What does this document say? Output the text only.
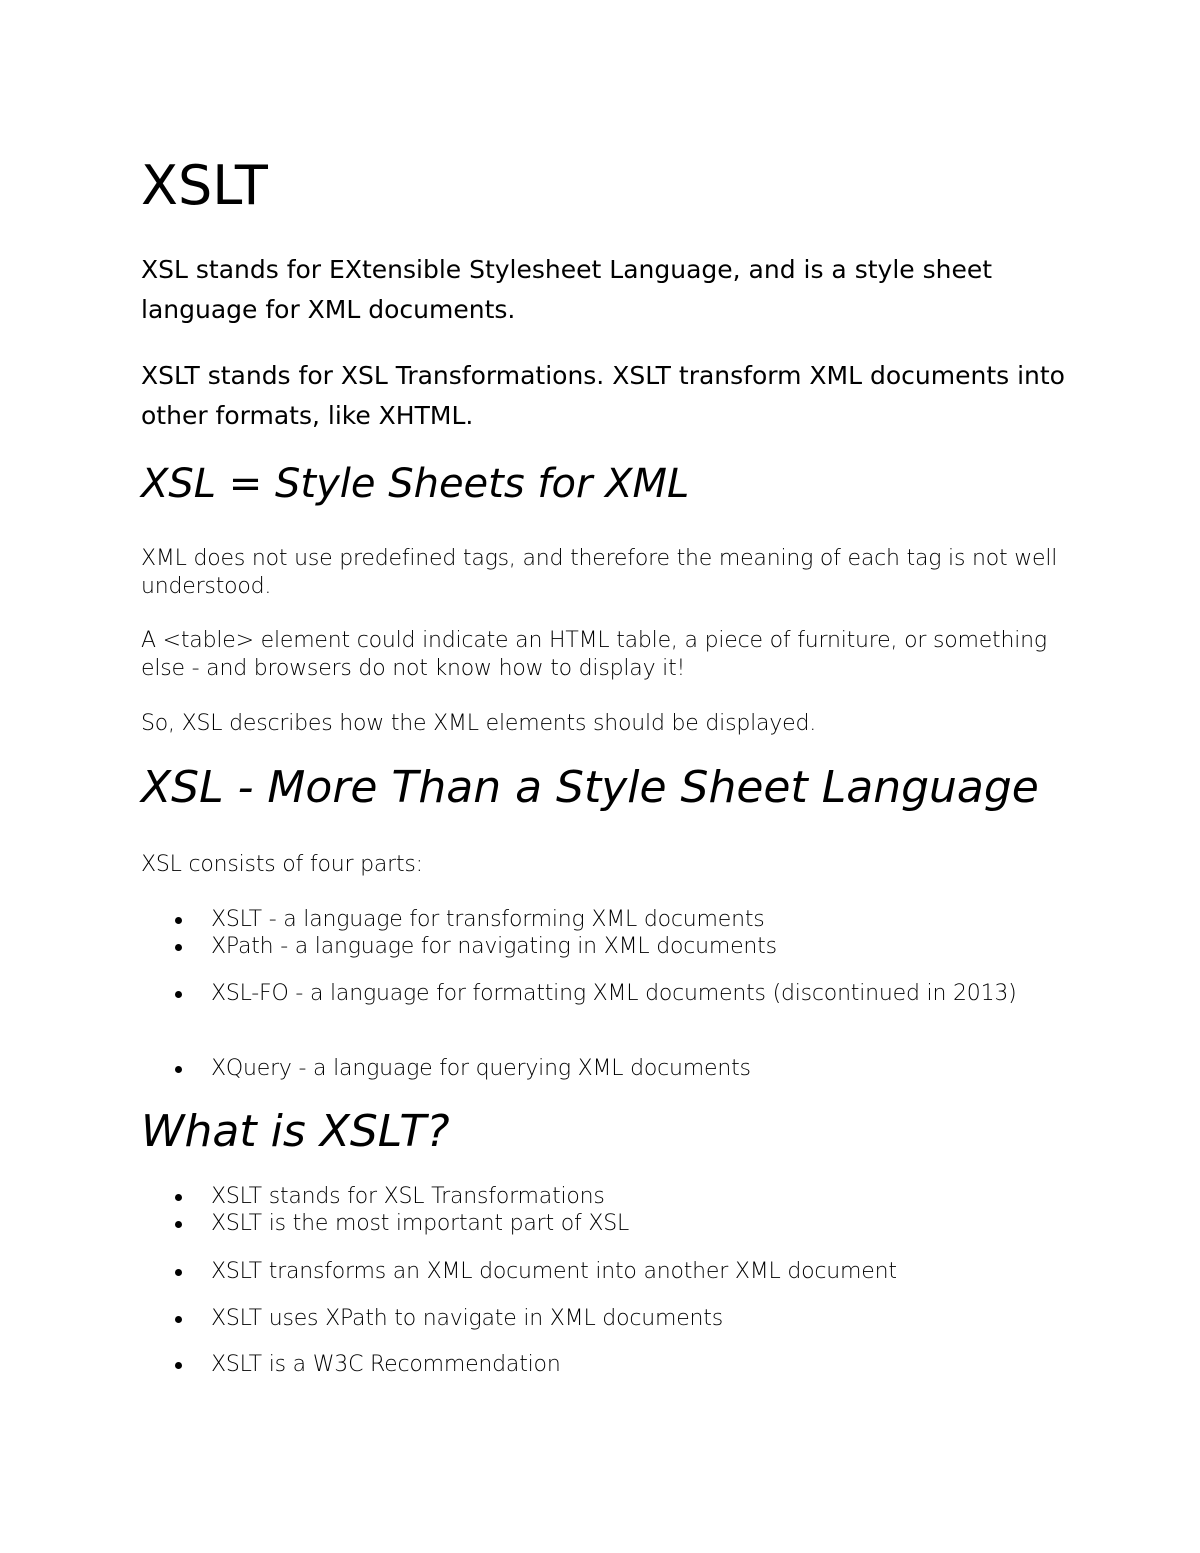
XSLT

XSL stands for EXtensible Stylesheet Language, and is a style sheet language for XML documents.

XSLT stands for XSL Transformations. XSLT transform XML documents into other formats, like XHTML.

XSL = Style Sheets for XML

XML does not use predefined tags, and therefore the meaning of each tag is not well understood.

A <table> element could indicate an HTML table, a piece of furniture, or something else - and browsers do not know how to display it!

So, XSL describes how the XML elements should be displayed.

XSL - More Than a Style Sheet Language

XSL consists of four parts:

XSLT - a language for transforming XML documents
XPath - a language for navigating in XML documents
XSL-FO - a language for formatting XML documents (discontinued in 2013)
XQuery - a language for querying XML documents
What is XSLT?
XSLT stands for XSL Transformations
XSLT is the most important part of XSL
XSLT transforms an XML document into another XML document
XSLT uses XPath to navigate in XML documents
XSLT is a W3C Recommendation
